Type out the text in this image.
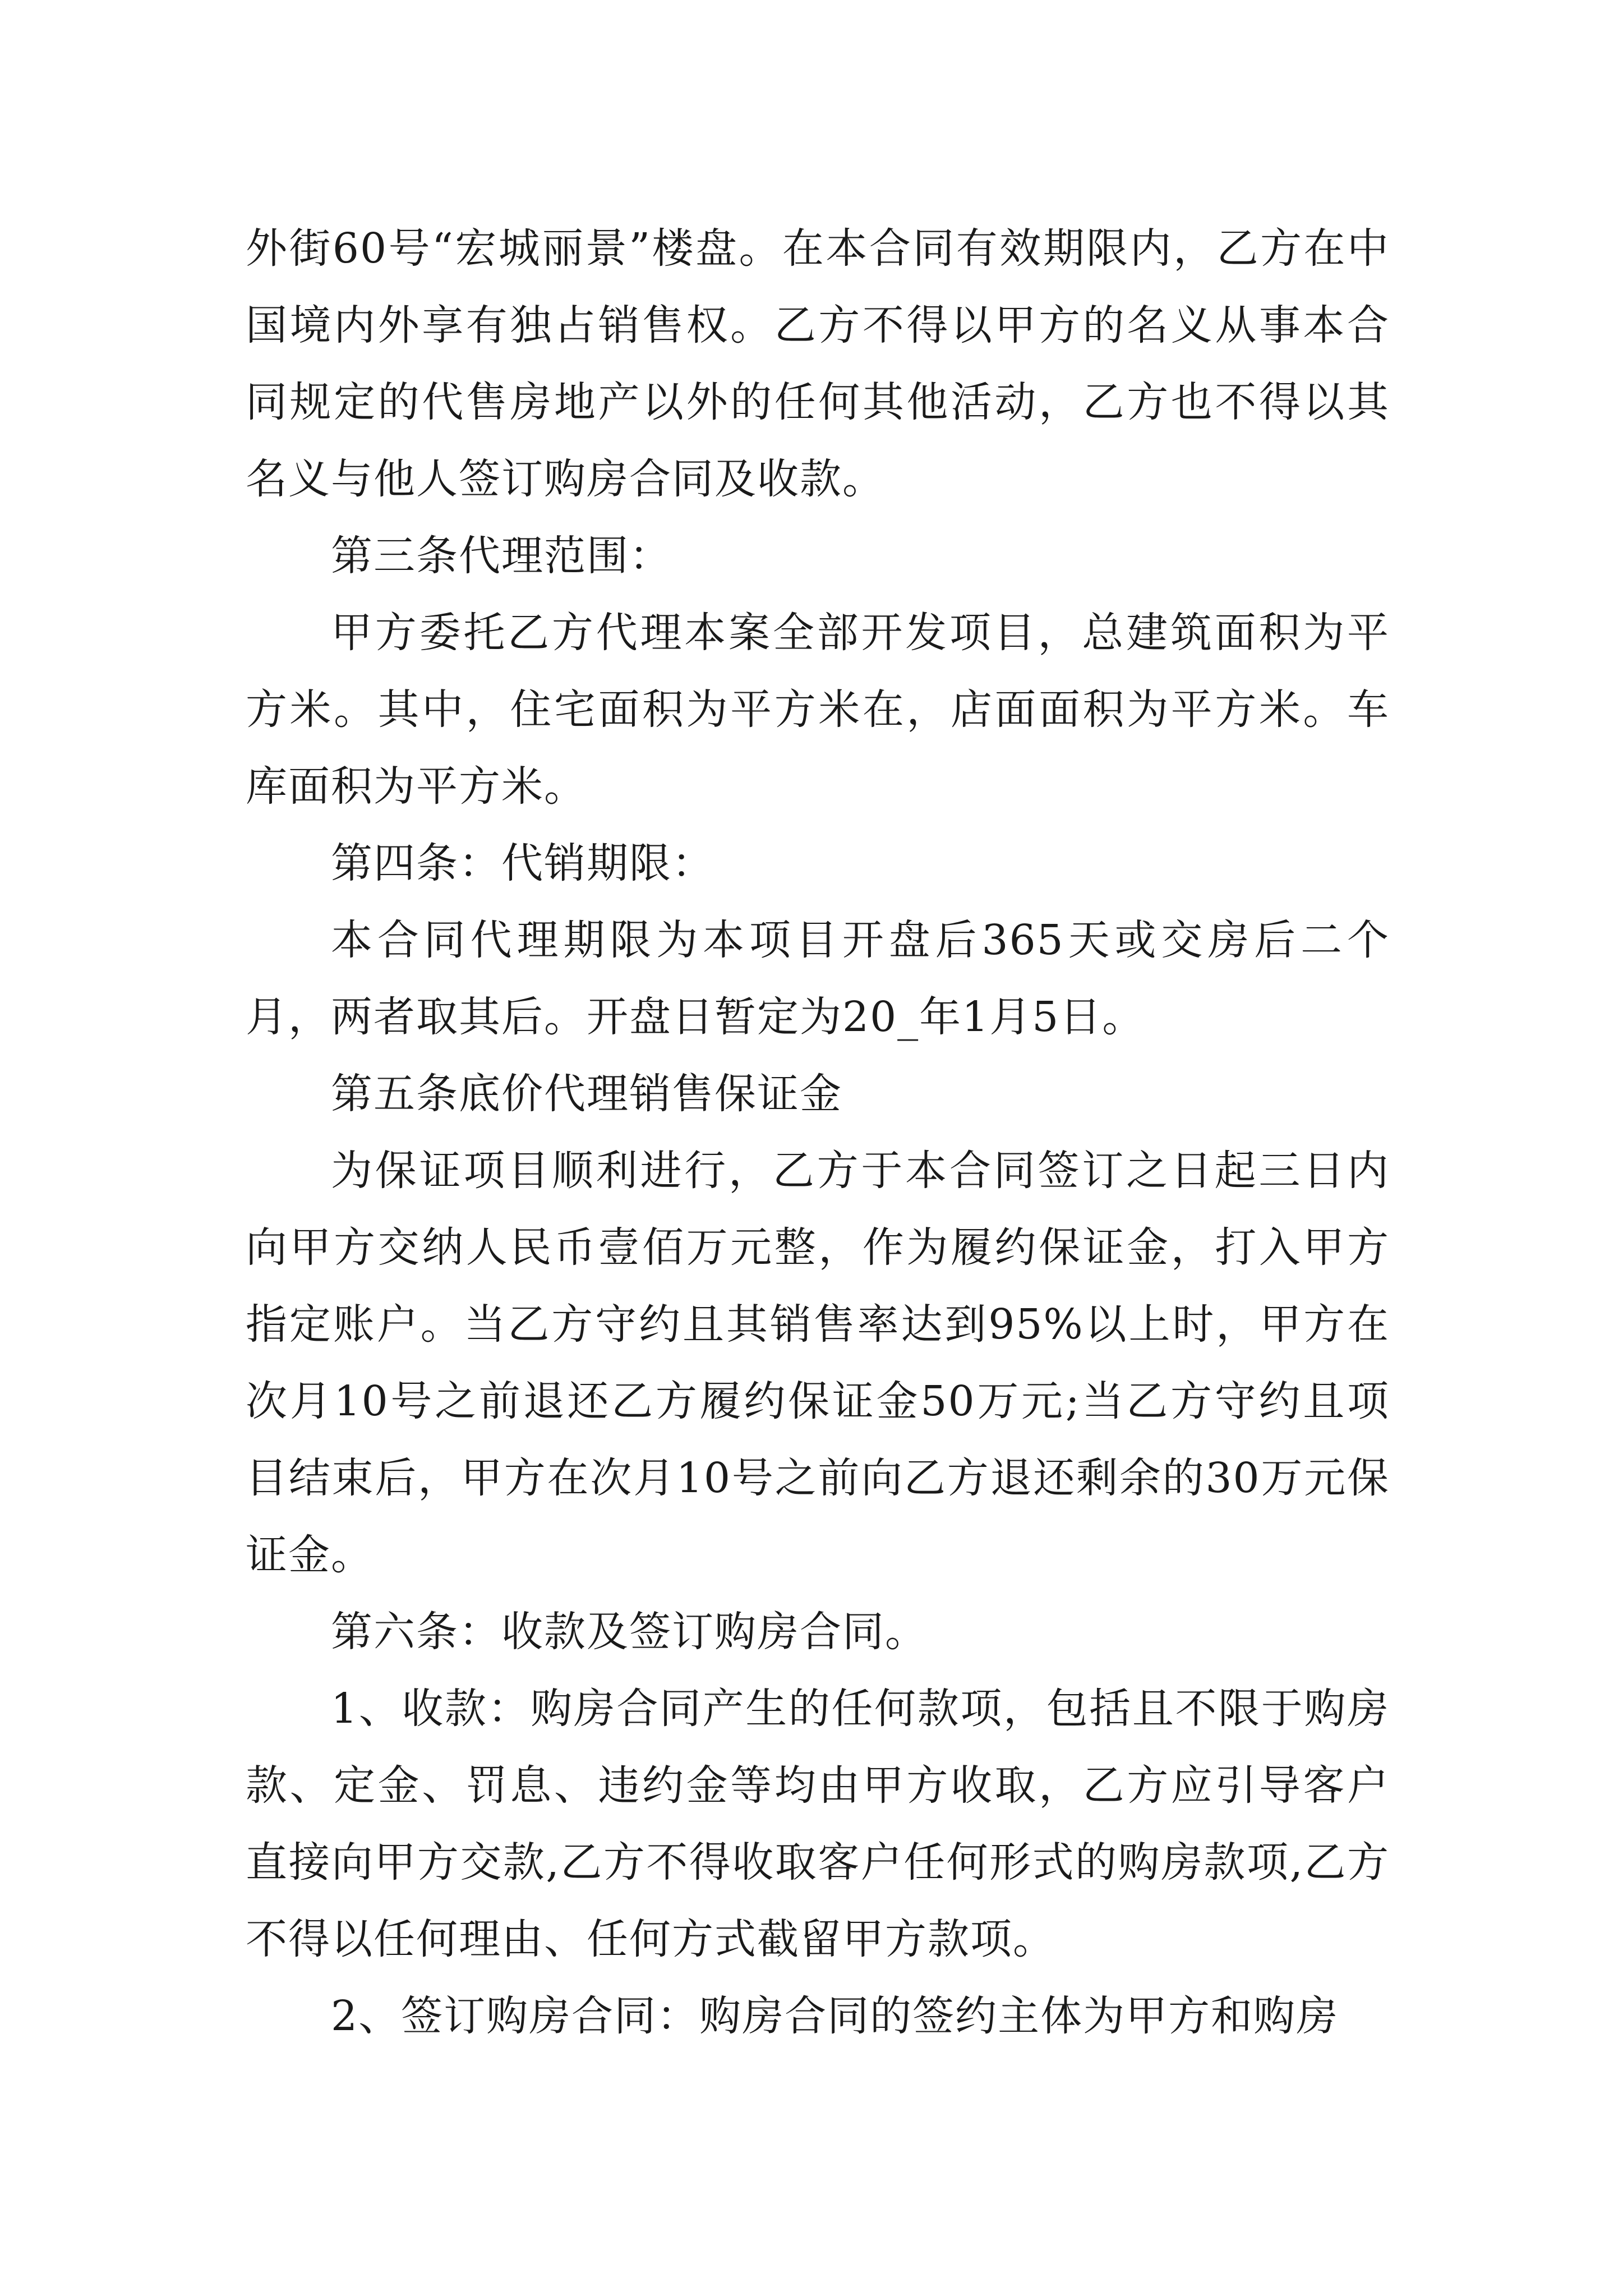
外街60号“宏城丽景”楼盘。在本合同有效期限内，乙方在中国境内外享有独占销售权。乙方不得以甲方的名义从事本合同规定的代售房地产以外的任何其他活动，乙方也不得以其名义与他人签订购房合同及收款。

第三条代理范围：

甲方委托乙方代理本案全部开发项目，总建筑面积为平方米。其中，住宅面积为平方米在，店面面积为平方米。车库面积为平方米。

第四条：代销期限：

本合同代理期限为本项目开盘后365天或交房后二个月，两者取其后。开盘日暂定为20_年1月5日。

第五条底价代理销售保证金

为保证项目顺利进行，乙方于本合同签订之日起三日内向甲方交纳人民币壹佰万元整，作为履约保证金，打入甲方指定账户。当乙方守约且其销售率达到95%以上时，甲方在次月10号之前退还乙方履约保证金50万元;当乙方守约且项目结束后，甲方在次月10号之前向乙方退还剩余的30万元保证金。

第六条：收款及签订购房合同。

1、收款：购房合同产生的任何款项，包括且不限于购房款、定金、罚息、违约金等均由甲方收取，乙方应引导客户直接向甲方交款,乙方不得收取客户任何形式的购房款项,乙方不得以任何理由、任何方式截留甲方款项。

2、签订购房合同：购房合同的签约主体为甲方和购房
